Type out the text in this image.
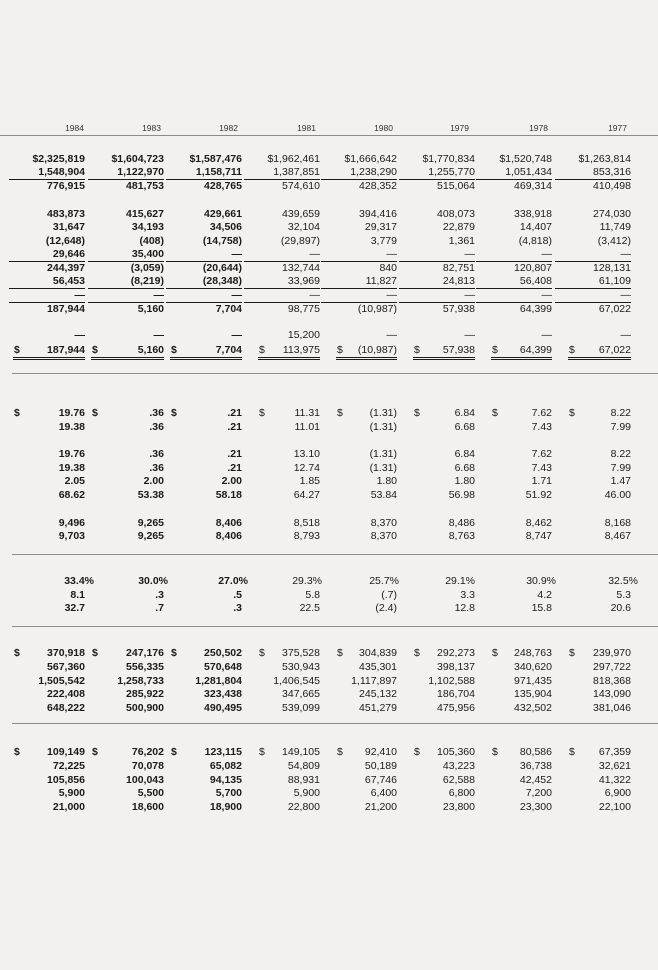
1984	1983	1982	1981	1980	1979	1978	1977
$2,325,819	$1,604,723	$1,587,476	$1,962,461	$1,666,642	$1,770,834	$1,520,748	$1,263,814
1,548,904	1,122,970	1,158,711	1,387,851	1,238,290	1,255,770	1,051,434	853,316
776,915	481,753	428,765	574,610	428,352	515,064	469,314	410,498
483,873	415,627	429,661	439,659	394,416	408,073	338,918	274,030
31,647	34,193	34,506	32,104	29,317	22,879	14,407	11,749
(12,648)	(408)	(14,758)	(29,897)	3,779	1,361	(4,818)	(3,412)
29,646	35,400	—	—	—	—	—	—
244,397	(3,059)	(20,644)	132,744	840	82,751	120,807	128,131
56,453	(8,219)	(28,348)	33,969	11,827	24,813	56,408	61,109
—	—	—	—	—	—	—	—
187,944	5,160	7,704	98,775	(10,987)	57,938	64,399	67,022
—	—	—	15,200	—	—	—	—
$	187,944 $	5,160 $	7,704 $	113,975 $	(10,987) $	57,938 $	64,399 $	67,022
$	19.76 $	.36 $	.21 $	11.31 $	(1.31) $	6.84 $	7.62 $	8.22
19.38	.36	.21	11.01	(1.31)	6.68	7.43	7.99
19.76	.36	.21	13.10	(1.31)	6.84	7.62	8.22
19.38	.36	.21	12.74	(1.31)	6.68	7.43	7.99
2.05	2.00	2.00	1.85	1.80	1.80	1.71	1.47
68.62	53.38	58.18	64.27	53.84	56.98	51.92	46.00
9,496	9,265	8,406	8,518	8,370	8,486	8,462	8,168
9,703	9,265	8,406	8,793	8,370	8,763	8,747	8,467
33.4%	30.0%	27.0%	29.3%	25.7%	29.1%	30.9%	32.5%
8.1	.3	.5	5.8	(.7)	3.3	4.2	5.3
32.7	.7	.3	22.5	(2.4)	12.8	15.8	20.6
$	370,918 $	247,176 $	250,502 $	375,528 $	304,839 $	292,273 $	248,763 $	239,970
567,360	556,335	570,648	530,943	435,301	398,137	340,620	297,722
1,505,542	1,258,733	1,281,804	1,406,545	1,117,897	1,102,588	971,435	818,368
222,408	285,922	323,438	347,665	245,132	186,704	135,904	143,090
648,222	500,900	490,495	539,099	451,279	475,956	432,502	381,046
$	109,149 $	76,202 $	123,115 $	149,105 $	92,410 $	105,360 $	80,586 $	67,359
72,225	70,078	65,082	54,809	50,189	43,223	36,738	32,621
105,856	100,043	94,135	88,931	67,746	62,588	42,452	41,322
5,900	5,500	5,700	5,900	6,400	6,800	7,200	6,900
21,000	18,600	18,900	22,800	21,200	23,800	23,300	22,100
